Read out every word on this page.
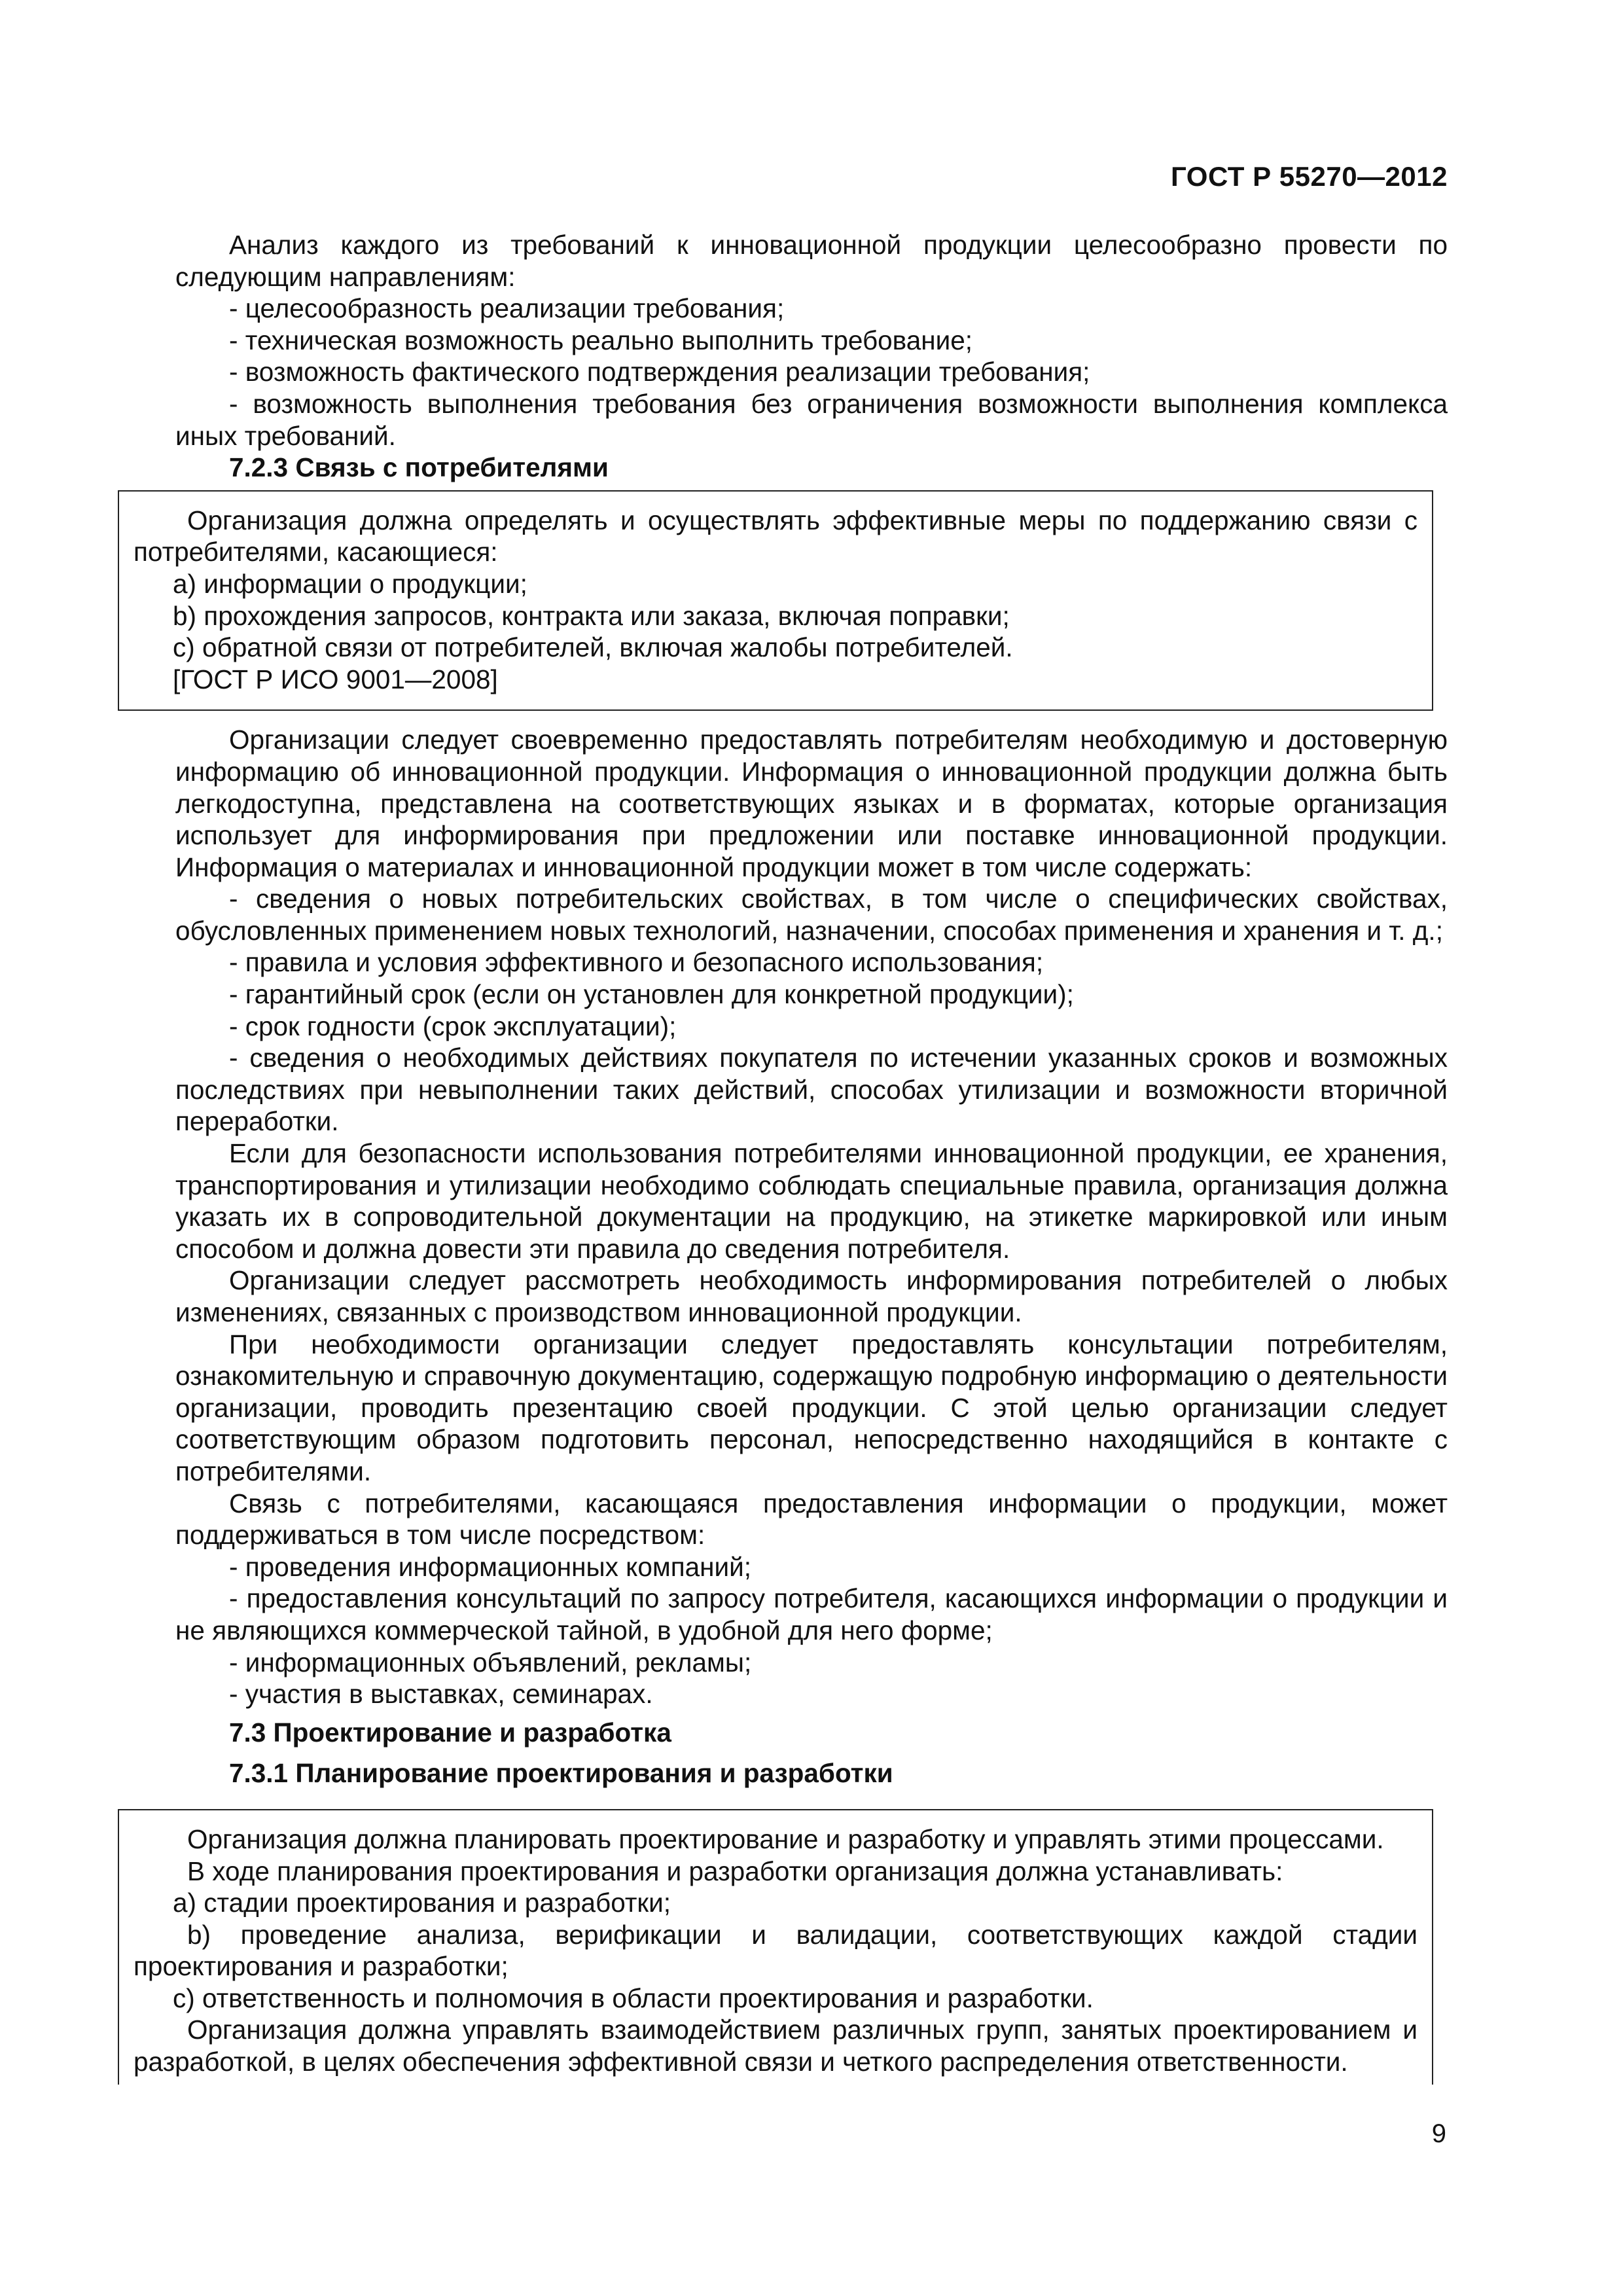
ГОСТ Р 55270—2012

Анализ каждого из требований к инновационной продукции целесообразно провести по следующим направлениям:

- целесообразность реализации требования;

- техническая возможность реально выполнить требование;

- возможность фактического подтверждения реализации требования;

- возможность выполнения требования без ограничения возможности выполнения комплекса иных требований.

7.2.3 Связь с потребителями

Организация должна определять и осуществлять эффективные меры по поддержанию связи с потребителями, касающиеся:

a) информации о продукции;

b) прохождения запросов, контракта или заказа, включая поправки;

c) обратной связи от потребителей, включая жалобы потребителей.

[ГОСТ Р ИСО 9001—2008]

Организации следует своевременно предоставлять потребителям необходимую и достоверную информацию об инновационной продукции. Информация о инновационной продукции должна быть легкодоступна, представлена на соответствующих языках и в форматах, которые организация использует для информирования при предложении или поставке инновационной продукции. Информация о материалах и инновационной продукции может в том числе содержать:

- сведения о новых потребительских свойствах, в том числе о специфических свойствах, обусловленных применением новых технологий, назначении, способах применения и хранения и т. д.;

- правила и условия эффективного и безопасного использования;

- гарантийный срок (если он установлен для конкретной продукции);

- срок годности (срок эксплуатации);

- сведения о необходимых действиях покупателя по истечении указанных сроков и возможных последствиях при невыполнении таких действий, способах утилизации и возможности вторичной переработки.

Если для безопасности использования потребителями инновационной продукции, ее хранения, транспортирования и утилизации необходимо соблюдать специальные правила, организация должна указать их в сопроводительной документации на продукцию, на этикетке маркировкой или иным способом и должна довести эти правила до сведения потребителя.

Организации следует рассмотреть необходимость информирования потребителей о любых изменениях, связанных с производством инновационной продукции.

При необходимости организации следует предоставлять консультации потребителям, ознакомительную и справочную документацию, содержащую подробную информацию о деятельности организации, проводить презентацию своей продукции. С этой целью организации следует соответствующим образом подготовить персонал, непосредственно находящийся в контакте с потребителями.

Связь с потребителями, касающаяся предоставления информации о продукции, может поддерживаться в том числе посредством:

- проведения информационных компаний;

- предоставления консультаций по запросу потребителя, касающихся информации о продукции и не являющихся коммерческой тайной, в удобной для него форме;

- информационных объявлений, рекламы;

- участия в выставках, семинарах.

7.3 Проектирование и разработка
7.3.1 Планирование проектирования и разработки

Организация должна планировать проектирование и разработку и управлять этими процессами.

В ходе планирования проектирования и разработки организация должна устанавливать:

a) стадии проектирования и разработки;

b) проведение анализа, верификации и валидации, соответствующих каждой стадии проектирования и разработки;

c) ответственность и полномочия в области проектирования и разработки.

Организация должна управлять взаимодействием различных групп, занятых проектированием и разработкой, в целях обеспечения эффективной связи и четкого распределения ответственности.

9
